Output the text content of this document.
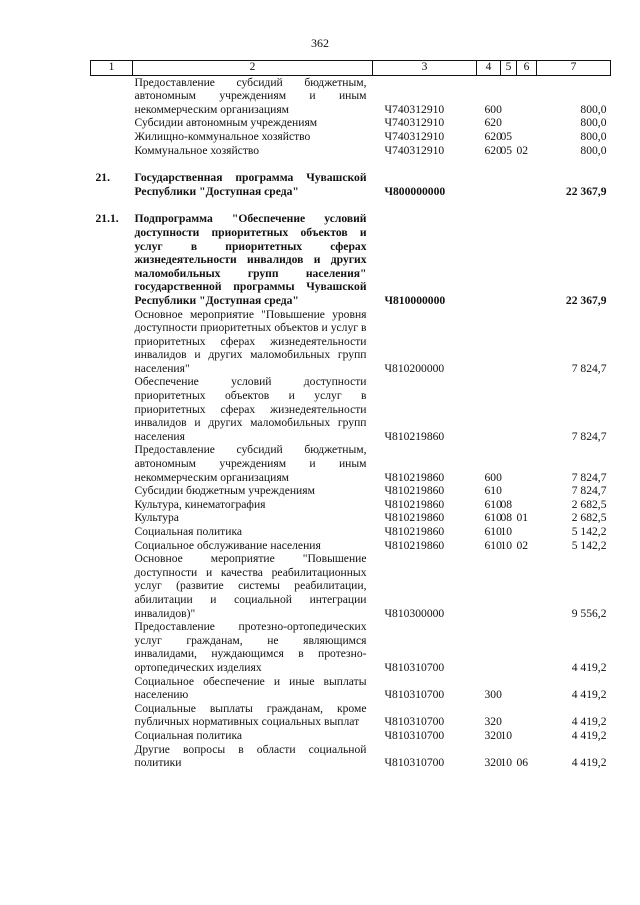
362
1	2	3	4	5	6	7
	Предоставление субсидий бюджетным, автономным учреждениям и иным некоммерческим организациям	Ч740312910	600			800,0
	Субсидии автономным учреждениям	Ч740312910	620			800,0
	Жилищно-коммунальное хозяйство	Ч740312910	620	05		800,0
	Коммунальное хозяйство	Ч740312910	620	05	02	800,0

21.	Государственная программа Чувашской Республики "Доступная среда"	Ч800000000				22 367,9

21.1.	Подпрограмма "Обеспечение условий доступности приоритетных объектов и услуг в приоритетных сферах жизнедеятельности инвалидов и других маломобильных групп населения" государственной программы Чувашской Республики "Доступная среда"	Ч810000000				22 367,9
	Основное мероприятие "Повышение уровня доступности приоритетных объектов и услуг в приоритетных сферах жизнедеятельности инвалидов и других маломобильных групп населения"	Ч810200000				7 824,7
	Обеспечение условий доступности приоритетных объектов и услуг в приоритетных сферах жизнедеятельности инвалидов и других маломобильных групп населения	Ч810219860				7 824,7
	Предоставление субсидий бюджетным, автономным учреждениям и иным некоммерческим организациям	Ч810219860	600			7 824,7
	Субсидии бюджетным учреждениям	Ч810219860	610			7 824,7
	Культура, кинематография	Ч810219860	610	08		2 682,5
	Культура	Ч810219860	610	08	01	2 682,5
	Социальная политика	Ч810219860	610	10		5 142,2
	Социальное обслуживание населения	Ч810219860	610	10	02	5 142,2
	Основное мероприятие "Повышение доступности и качества реабилитационных услуг (развитие системы реабилитации, абилитации и социальной интеграции инвалидов)"	Ч810300000				9 556,2
	Предоставление протезно-ортопедических услуг гражданам, не являющимся инвалидами, нуждающимся в протезно-ортопедических изделиях	Ч810310700				4 419,2
	Социальное обеспечение и иные выплаты населению	Ч810310700	300			4 419,2
	Социальные выплаты гражданам, кроме публичных нормативных социальных выплат	Ч810310700	320			4 419,2
	Социальная политика	Ч810310700	320	10		4 419,2
	Другие вопросы в области социальной политики	Ч810310700	320	10	06	4 419,2
